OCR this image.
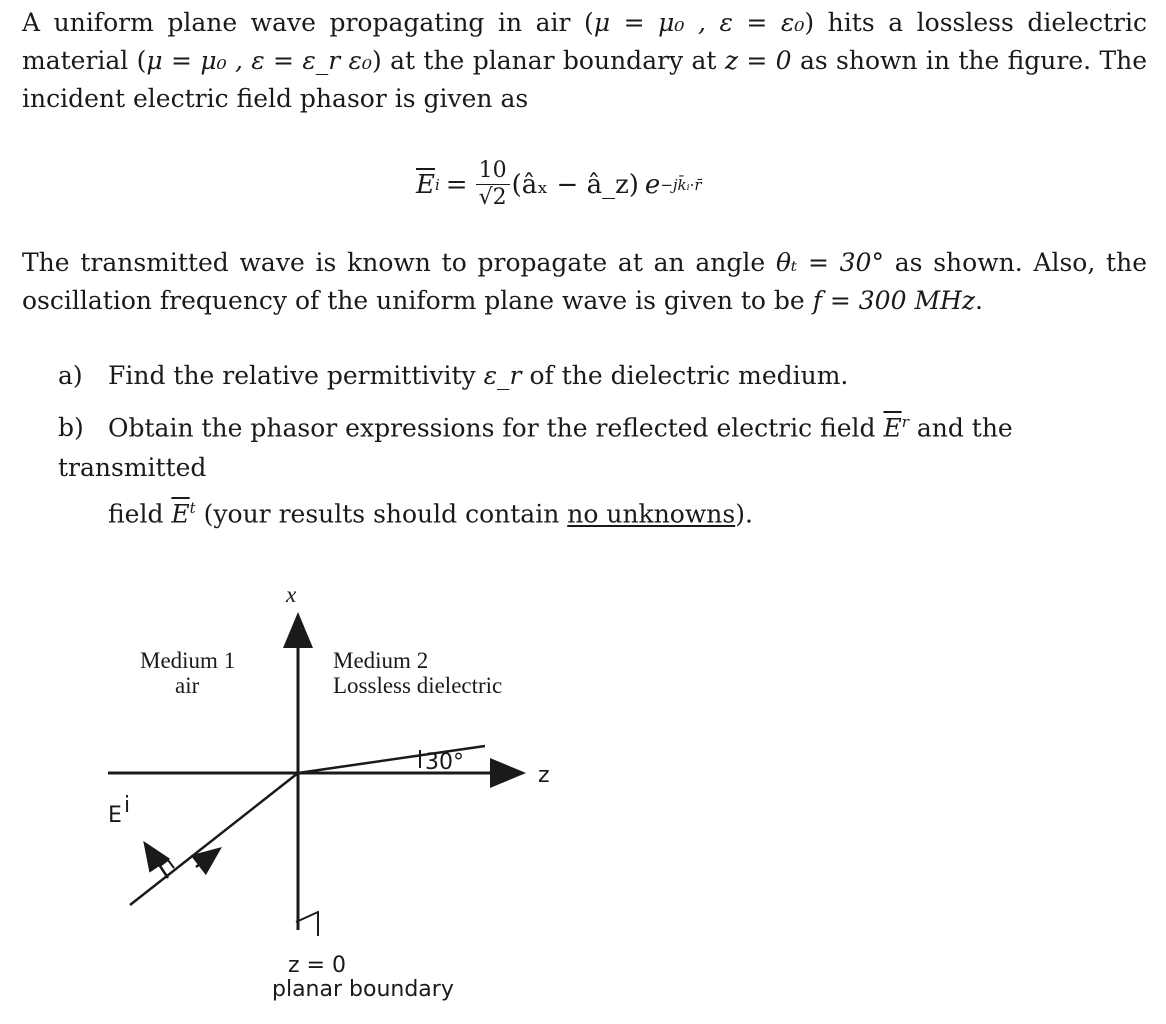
A uniform plane wave propagating in air (μ = μ₀ , ε = ε₀) hits a lossless dielectric material (μ = μ₀ , ε = ε_r ε₀) at the planar boundary at z = 0 as shown in the figure. The incident electric field phasor is given as
$\overline{E}$ $i = \frac{10}{√2}$ (âₓ − â_z) e −jk̄ᵢ·r̄
The transmitted wave is known to propagate at an angle θₜ = 30° as shown. Also, the oscillation frequency of the uniform plane wave is given to be f = 300 MHz.
a) Find the relative permittivity ε_r of the dielectric medium.
b) Obtain the phasor expressions for the reflected electric field $\overline{E}^r$ and the transmitted
field $\overline{E}^t$ (your results should contain no unknowns).
Medium 1
air
Medium 2
Lossless dielectric
x
z
30°
E i
z = 0
planar boundary
